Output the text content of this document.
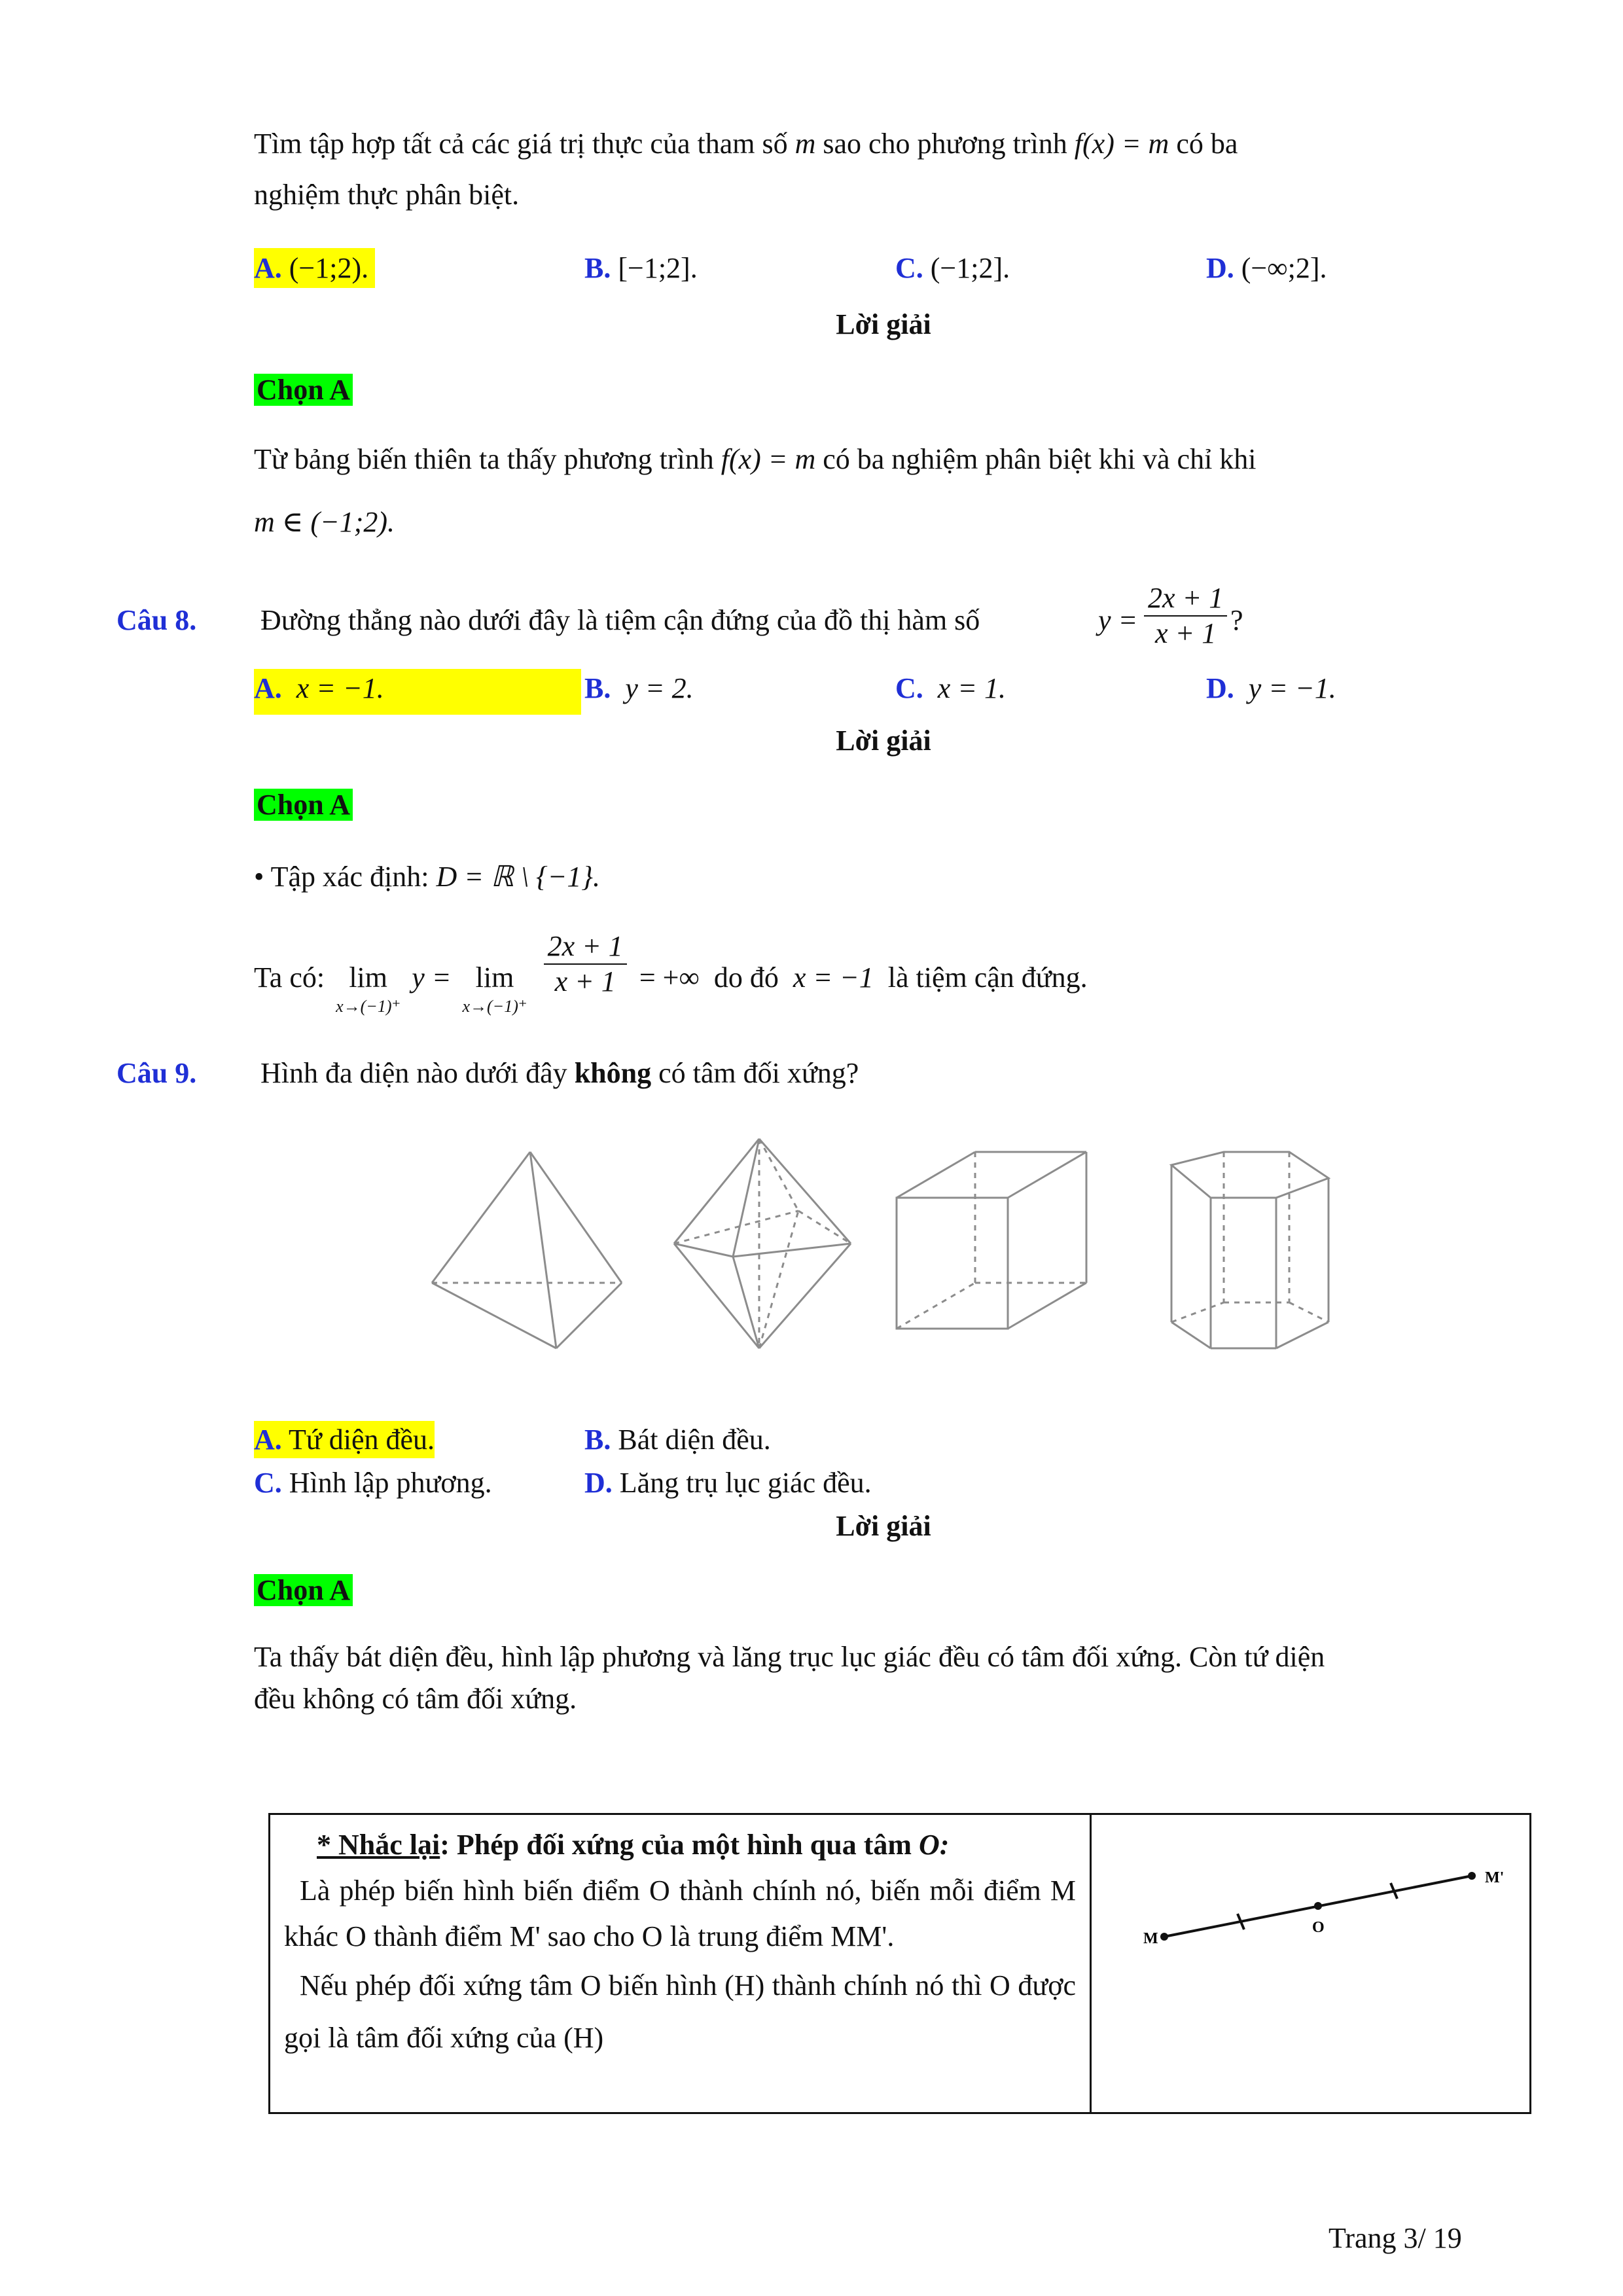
Tìm tập hợp tất cả các giá trị thực của tham số m sao cho phương trình f(x) = m có ba
nghiệm thực phân biệt.
A. (−1;2).	B. [−1;2].	C. (−1;2].	D. (−∞;2].
Lời giải
Chọn A
Từ bảng biến thiên ta thấy phương trình f(x) = m có ba nghiệm phân biệt khi và chỉ khi
m ∈ (−1;2).
Câu 8. Đường thẳng nào dưới đây là tiệm cận đứng của đồ thị hàm số	$y = \frac{2x + 1}{x + 1}$ ?
A. x = −1.	B. y = 2.	C. x = 1.	D. y = −1.
Lời giải
Chọn A
• Tập xác định: D = ℝ \ {−1}.
Ta có: lim
x→(−1)⁺
y = lim
x→(−1)⁺

$\frac{2x + 1}{x + 1}$ = +∞ do đó x = −1 là tiệm cận đứng.
Câu 9. Hình đa diện nào dưới đây không có tâm đối xứng?
A. Tứ diện đều.	B. Bát diện đều.
C. Hình lập phương.	D. Lăng trụ lục giác đều.
Lời giải
Chọn A
Ta thấy bát diện đều, hình lập phương và lăng trục lục giác đều có tâm đối xứng. Còn tứ diện
đều không có tâm đối xứng.
* Nhắc lại: Phép đối xứng của một hình qua tâm O:
Là phép biến hình biến điểm O thành chính nó, biến mỗi điểm M khác O thành điểm M' sao cho O là trung điểm MM'.
Nếu phép đối xứng tâm O biến hình (H) thành chính nó thì O được gọi là tâm đối xứng của (H)

M
O
M'
Trang 3/ 19
